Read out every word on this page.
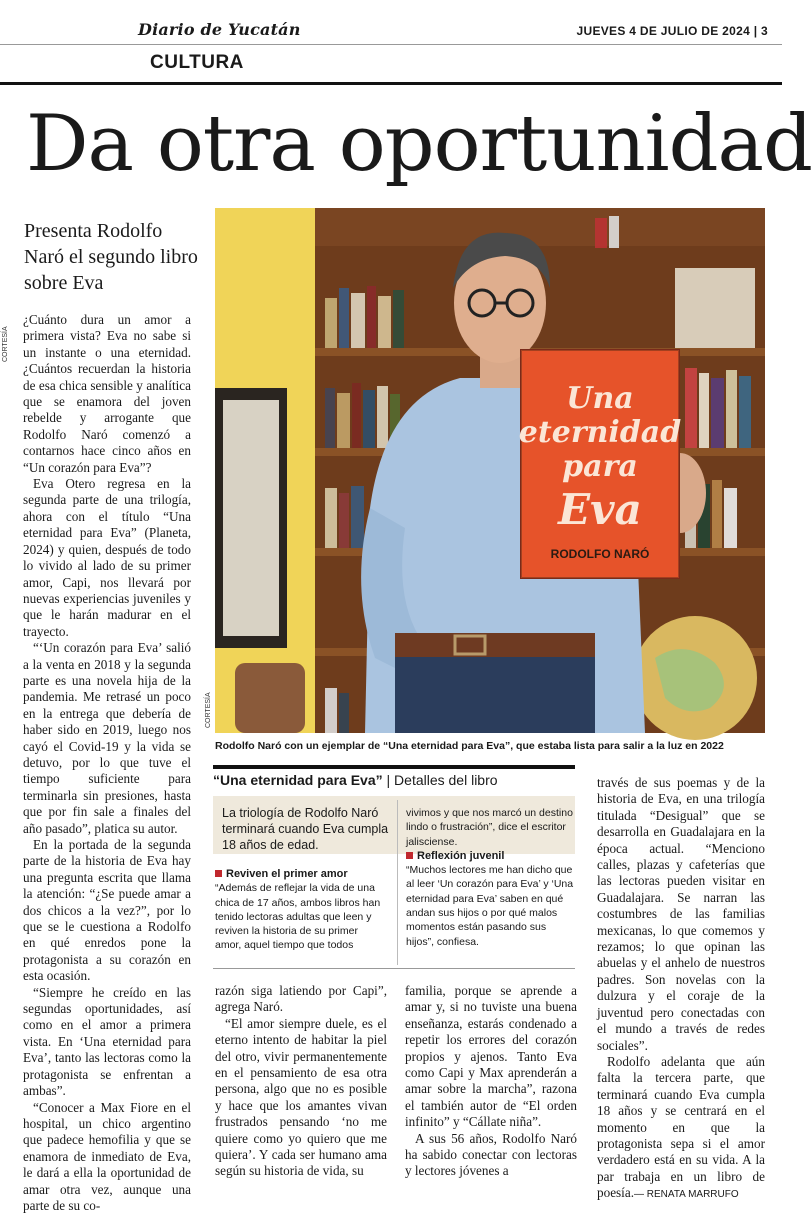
Diario de Yucatán	JUEVES 4 DE JULIO DE 2024 | 3
CULTURA
Da otra oportunidad
Presenta Rodolfo Naró el segundo libro sobre Eva
CORTESÍA

¿Cuánto dura un amor a primera vista? Eva no sabe si un instante o una eternidad. ¿Cuántos recuerdan la historia de esa chica sensible y analítica que se enamora del joven rebelde y arrogante que Rodolfo Naró comenzó a contarnos hace cinco años en “Un corazón para Eva”?

Eva Otero regresa en la segunda parte de una trilogía, ahora con el título “Una eternidad para Eva” (Planeta, 2024) y quien, después de todo lo vivido al lado de su primer amor, Capi, nos llevará por nuevas experiencias juveniles y que le harán madurar en el trayecto.

“‘Un corazón para Eva’ salió a la venta en 2018 y la segunda parte es una novela hija de la pandemia. Me retrasé un poco en la entrega que debería de haber sido en 2019, luego nos cayó el Covid-19 y la vida se detuvo, por lo que tuve el tiempo suficiente para terminarla sin presiones, hasta que por fin sale a finales del año pasado”, platica su autor.

En la portada de la segunda parte de la historia de Eva hay una pregunta escrita que llama la atención: “¿Se puede amar a dos chicos a la vez?”, por lo que se le cuestiona a Rodolfo en qué enredos pone la protagonista a su corazón en esta ocasión.

“Siempre he creído en las segundas oportunidades, así como en el amor a primera vista. En ‘Una eternidad para Eva’, tanto las lectoras como la protagonista se enfrentan a ambas”.

“Conocer a Max Fiore en el hospital, un chico argentino que padece hemofilia y que se enamora de inmediato de Eva, le dará a ella la oportunidad de amar otra vez, aunque una parte de su co-

Una
eternidad
para
Eva
RODOLFO NARÓ
CORTESÍA
Rodolfo Naró con un ejemplar de “Una eternidad para Eva”, que estaba lista para salir a la luz en 2022
“Una eternidad para Eva” | Detalles del libro
La triología de Rodolfo Naró terminará cuando Eva cumpla 18 años de edad.
Reviven el primer amor
“Además de reflejar la vida de una chica de 17 años, ambos libros han tenido lectoras adultas que leen y reviven la historia de su primer amor, aquel tiempo que todos
vivimos y que nos marcó un destino lindo o frustración”, dice el escritor jalisciense.
Reflexión juvenil
“Muchos lectores me han dicho que al leer ‘Un corazón para Eva’ y ‘Una eternidad para Eva’ saben en qué andan sus hijos o por qué malos momentos están pasando sus hijos”, confiesa.

razón siga latiendo por Capi”, agrega Naró.

“El amor siempre duele, es el eterno intento de habitar la piel del otro, vivir permanentemente en el pensamiento de esa otra persona, algo que no es posible y hace que los amantes vivan frustrados pensando ‘no me quiere como yo quiero que me quiera’. Y cada ser humano ama según su historia de vida, su

familia, porque se aprende a amar y, si no tuviste una buena enseñanza, estarás condenado a repetir los errores del corazón propios y ajenos. Tanto Eva como Capi y Max aprenderán a amar sobre la marcha”, razona el también autor de “El orden infinito” y “Cállate niña”.

A sus 56 años, Rodolfo Naró ha sabido conectar con lectoras y lectores jóvenes a

través de sus poemas y de la historia de Eva, en una trilogía titulada “Desigual” que se desarrolla en Guadalajara en la época actual. “Menciono calles, plazas y cafeterías que las lectoras pueden visitar en Guadalajara. Se narran las costumbres de las familias mexicanas, lo que comemos y rezamos; lo que opinan las abuelas y el anhelo de nuestros padres. Son novelas con la dulzura y el coraje de la juventud pero conectadas con el mundo a través de redes sociales”.

Rodolfo adelanta que aún falta la tercera parte, que terminará cuando Eva cumpla 18 años y se centrará en el momento en que la protagonista sepa si el amor verdadero está en su vida. A la par trabaja en un libro de poesía.— RENATA MARRUFO
